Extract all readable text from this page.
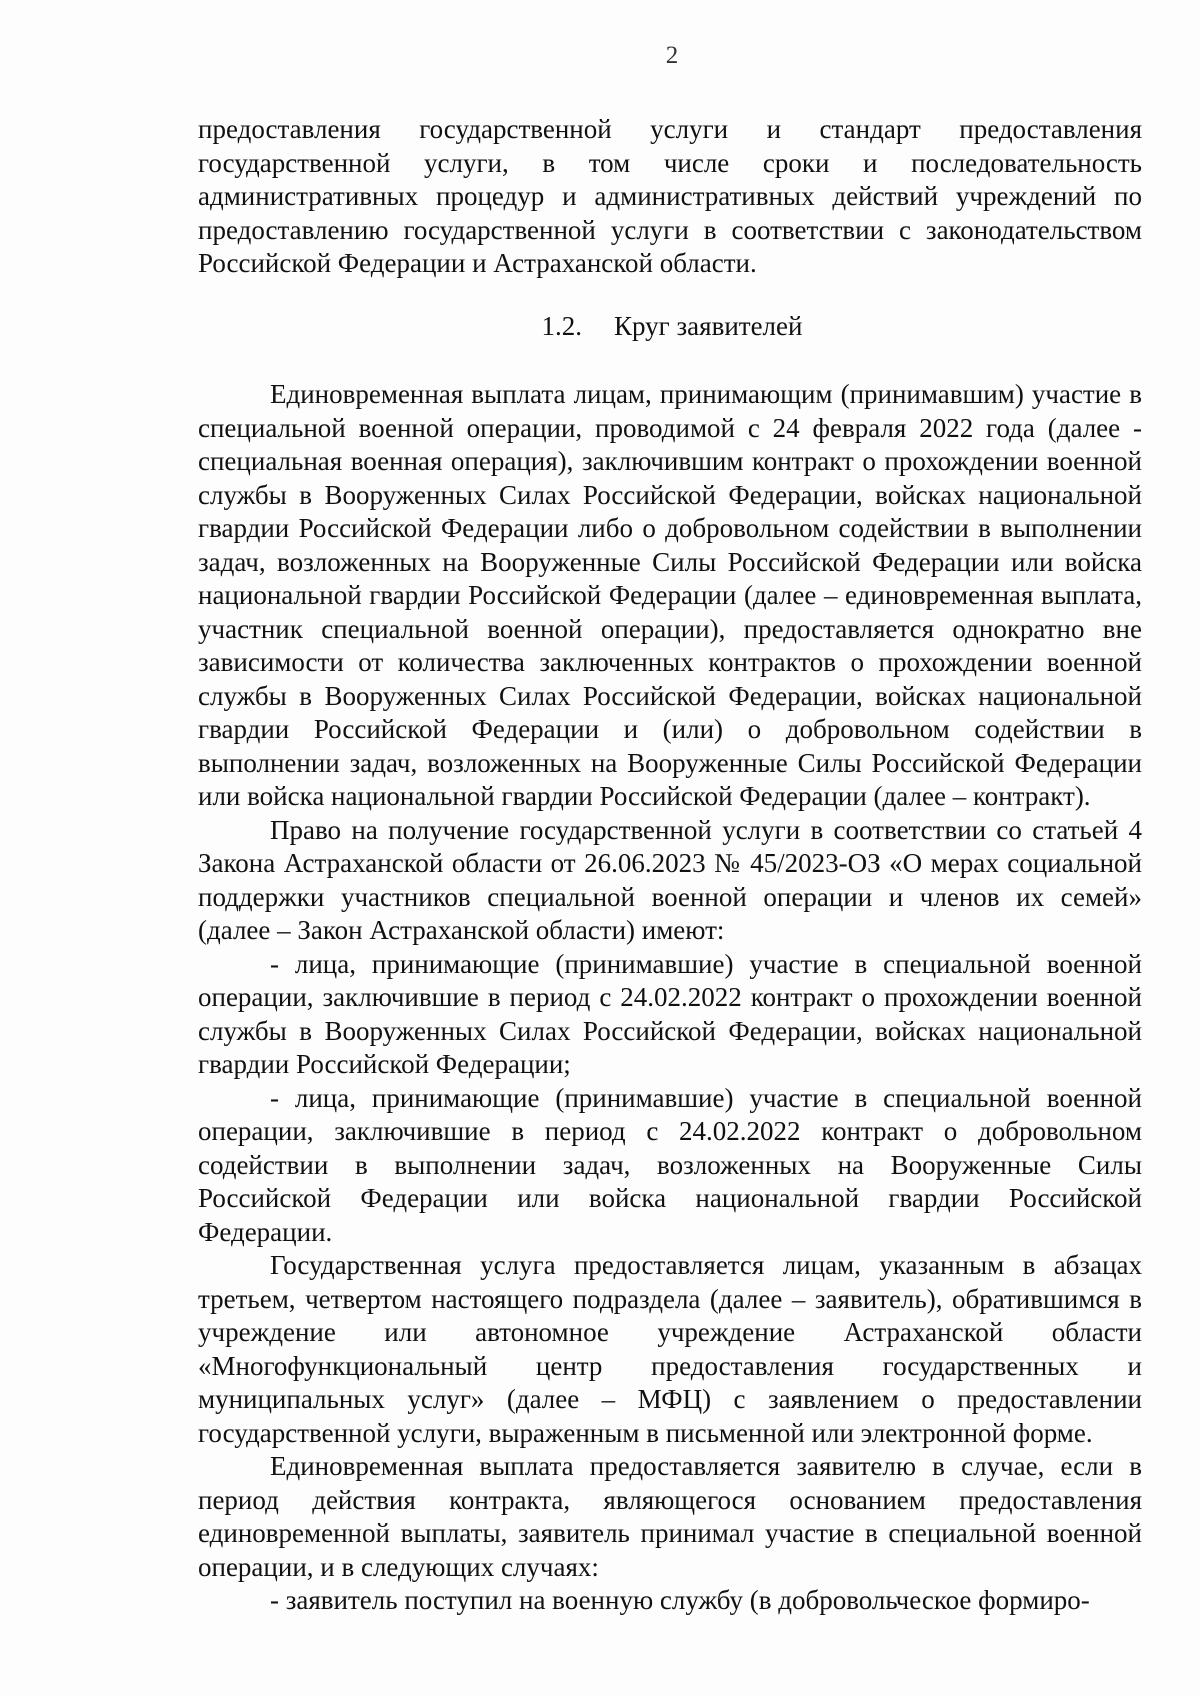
2

предоставления государственной услуги и стандарт предоставления государственной услуги, в том числе сроки и последовательность административных процедур и административных действий учреждений по предоставлению государственной услуги в соответствии с законодательством Российской Федерации и Астраханской области.

1.2. Круг заявителей

Единовременная выплата лицам, принимающим (принимавшим) участие в специальной военной операции, проводимой с 24 февраля 2022 года (далее - специальная военная операция), заключившим контракт о прохождении военной службы в Вооруженных Силах Российской Федерации, войсках национальной гвардии Российской Федерации либо о добровольном содействии в выполнении задач, возложенных на Вооруженные Силы Российской Федерации или войска национальной гвардии Российской Федерации (далее – единовременная выплата, участник специальной военной операции), предоставляется однократно вне зависимости от количества заключенных контрактов о прохождении военной службы в Вооруженных Силах Российской Федерации, войсках национальной гвардии Российской Федерации и (или) о добровольном содействии в выполнении задач, возложенных на Вооруженные Силы Российской Федерации или войска национальной гвардии Российской Федерации (далее – контракт).

Право на получение государственной услуги в соответствии со статьей 4 Закона Астраханской области от 26.06.2023 № 45/2023-ОЗ «О мерах социальной поддержки участников специальной военной операции и членов их семей» (далее – Закон Астраханской области) имеют:

- лица, принимающие (принимавшие) участие в специальной военной операции, заключившие в период с 24.02.2022 контракт о прохождении военной службы в Вооруженных Силах Российской Федерации, войсках национальной гвардии Российской Федерации;

- лица, принимающие (принимавшие) участие в специальной военной операции, заключившие в период с 24.02.2022 контракт о добровольном содействии в выполнении задач, возложенных на Вооруженные Силы Российской Федерации или войска национальной гвардии Российской Федерации.

Государственная услуга предоставляется лицам, указанным в абзацах третьем, четвертом настоящего подраздела (далее – заявитель), обратившимся в учреждение или автономное учреждение Астраханской области «Многофункциональный центр предоставления государственных и муниципальных услуг» (далее – МФЦ) с заявлением о предоставлении государственной услуги, выраженным в письменной или электронной форме.

Единовременная выплата предоставляется заявителю в случае, если в период действия контракта, являющегося основанием предоставления единовременной выплаты, заявитель принимал участие в специальной военной операции, и в следующих случаях:

- заявитель поступил на военную службу (в добровольческое формиро-
